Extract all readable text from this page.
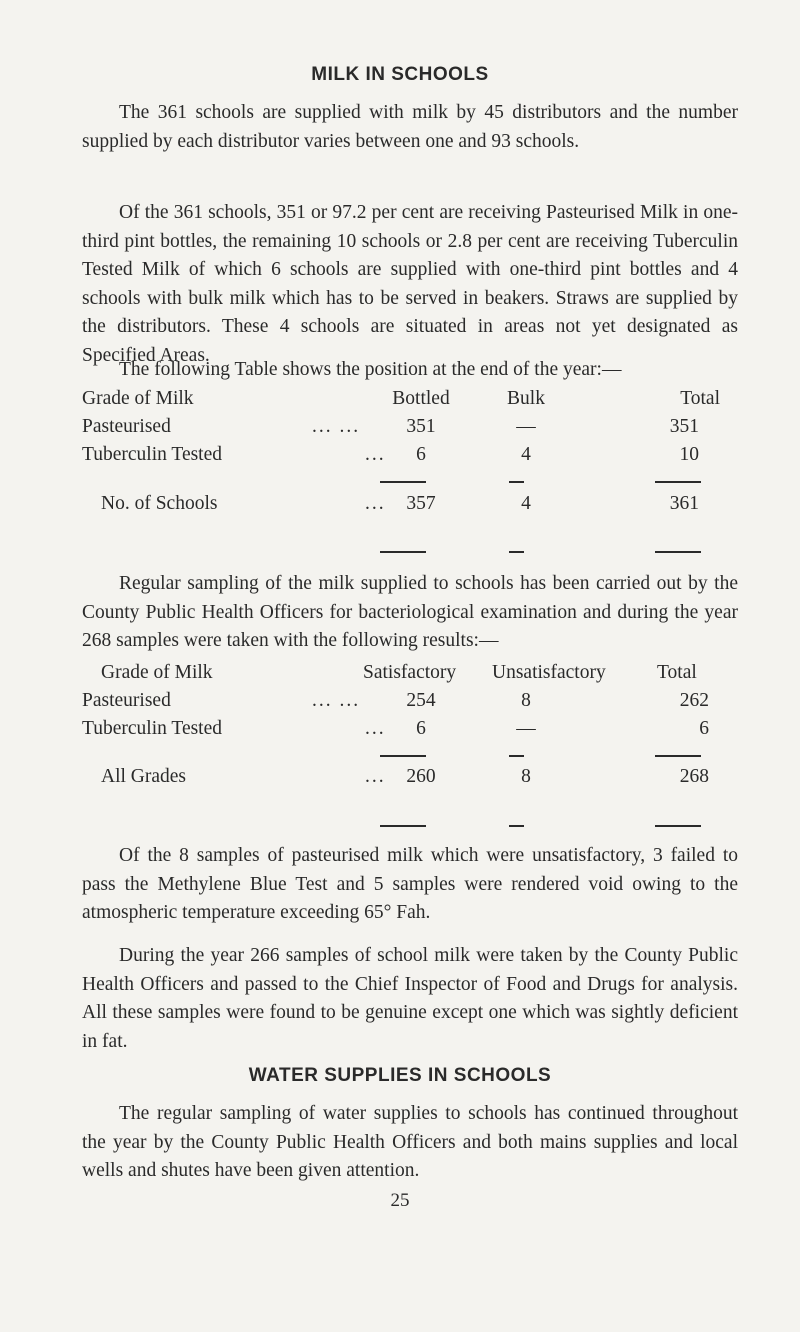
MILK IN SCHOOLS

The 361 schools are supplied with milk by 45 distributors and the number supplied by each distributor varies between one and 93 schools.

Of the 361 schools, 351 or 97.2 per cent are receiving Pasteurised Milk in one-third pint bottles, the remaining 10 schools or 2.8 per cent are receiving Tuberculin Tested Milk of which 6 schools are supplied with one-third pint bottles and 4 schools with bulk milk which has to be served in beakers. Straws are supplied by the distributors. These 4 schools are situated in areas not yet designated as Specified Areas.

The following Table shows the position at the end of the year:—

Grade of Milk	Bottled	Bulk	Total
Pasteurised	... ...	351	—	351
Tuberculin Tested	...	6	4	10
No. of Schools	...	357	4	361

Regular sampling of the milk supplied to schools has been carried out by the County Public Health Officers for bacteriological examination and during the year 268 samples were taken with the following results:—

Grade of Milk	Satisfactory Unsatisfactory	Total
Pasteurised	... ...	254	8	262
Tuberculin Tested	...	6	—	6
All Grades	...	260	8	268

Of the 8 samples of pasteurised milk which were unsatisfactory, 3 failed to pass the Methylene Blue Test and 5 samples were rendered void owing to the atmospheric temperature exceeding 65° Fah.

During the year 266 samples of school milk were taken by the County Public Health Officers and passed to the Chief Inspector of Food and Drugs for analysis. All these samples were found to be genuine except one which was sightly deficient in fat.

WATER SUPPLIES IN SCHOOLS

The regular sampling of water supplies to schools has continued throughout the year by the County Public Health Officers and both mains supplies and local wells and shutes have been given attention.

25
